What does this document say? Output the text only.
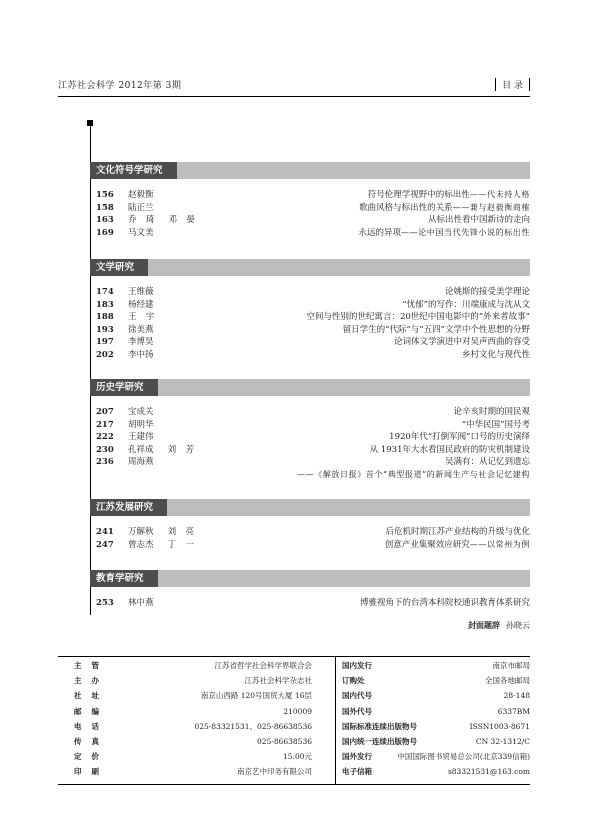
江苏社会科学 2012年第 3期	目 录
文化符号学研究
156	赵毅衡	符号伦理学视野中的标出性——代未持人格
158	陆正兰	歌曲风格与标出性的关系——兼与赵毅衡商榷
163	乔  琦   邓  晏	从标出性看中国新诗的走向
169	马文美	永远的异项——论中国当代先锋小说的标出性
文学研究
174	王维薇	论姚斯的接受美学理论
183	杨经建	“忧郁”的写作：川端康成与沈从文
188	王  宇	空间与性别的世纪寓言：20世纪中国电影中的“外来者故事”
193	徐美燕	留日学生的“代际”与“五四”文学中个性思想的分野
197	李博昊	论词体文学演进中对吴声西曲的容受
202	李中扬	乡村文化与现代性
历史学研究
207	宝成关	论辛亥时期的国民观
217	胡明华	“中华民国”国号考
222	王建伟	1920年代“打倒军阀”口号的历史演绎
230	孔祥成   刘  芳	从 1931年大水看国民政府的防灾机制建设
236	周海燕	吴满有：从记忆到遗忘
——《解放日报》首个“典型报道”的新闻生产与社会记忆建构
江苏发展研究
241	万解秋   刘  亮	后危机时期江苏产业结构的升级与优化
247	曾志杰   丁  一	创意产业集聚效应研究——以常州为例
教育学研究
253	林中燕	博雅视角下的台湾本科院校通识教育体系研究
封面题辞 孙晓云
主管	江苏省哲学社会科学界联合会
主办	江苏社会科学杂志社
社址	南京山西路 120号国贸大厦 16层
邮编	210009
电话	025-83321531、025-86638536
传真	025-86638536
定价	15.00元
印刷	南京艺中印务有限公司
国内发行	南京市邮局
订购处	全国各地邮局
国内代号	28-148
国外代号	6337BM
国际标准连续出版物号	ISSN1003-8671
国内统一连续出版物号	CN 32-1312/C
国外发行	中国国际图书贸易总公司(北京339信箱)
电子信箱	s83321531@163.com
